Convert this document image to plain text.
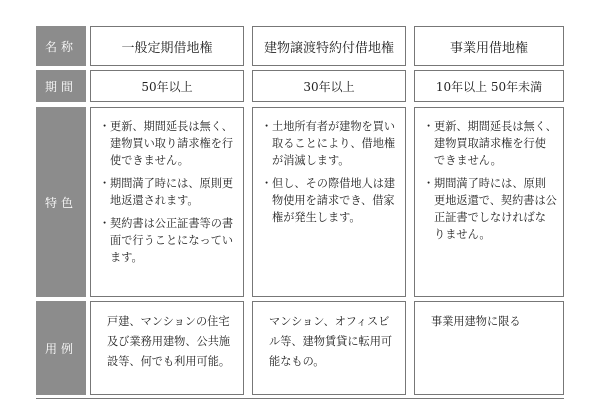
名称
期間
特色
用例
一般定期借地権
50年以上
・ 更新、期間延長は無く、建物買い取り請求権を行使できません。
・ 期間満了時には、原則更地返還されます。
・ 契約書は公正証書等の書面で行うことになっています。
戸建、マンションの住宅及び業務用建物、公共施設等、何でも利用可能。
建物譲渡特約付借地権
30年以上
・ 土地所有者が建物を買い取ることにより、借地権が消滅します。
・ 但し、その際借地人は建物使用を請求でき、借家権が発生します。
マンション、オフィスビル等、建物賃貸に転用可能なもの。
事業用借地権
10年以上 50年未満
・ 更新、期間延長は無く、建物買取請求権を行使できません。
・ 期間満了時には、原則更地返還で、契約書は公正証書でしなければなりません。
事業用建物に限る
